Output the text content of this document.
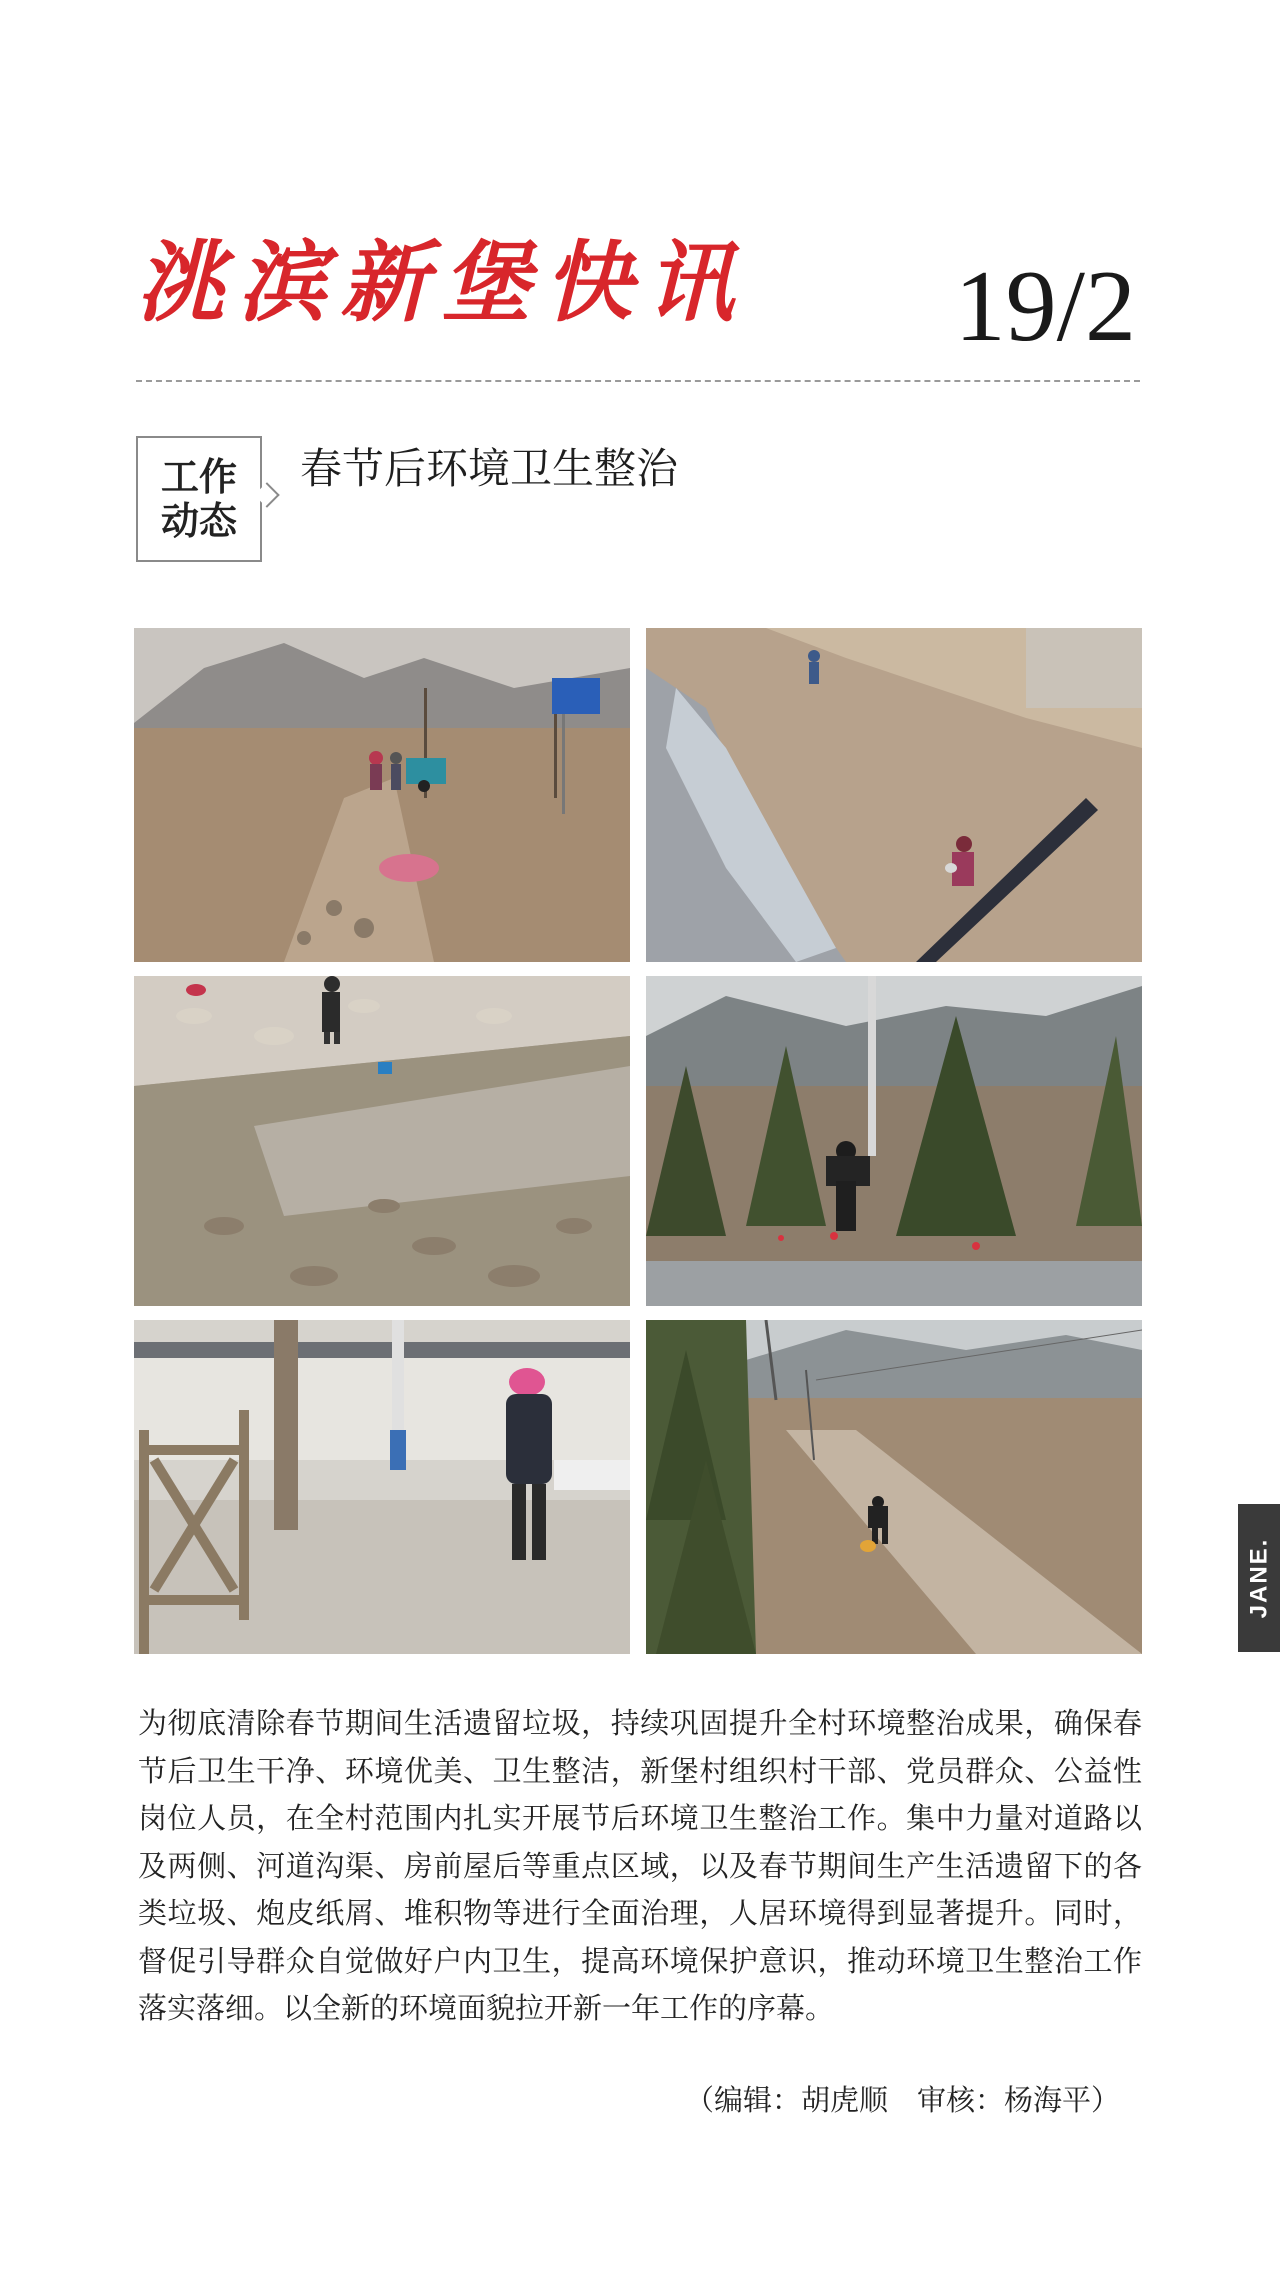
洮滨新堡快讯 19/2
工作
动态
春节后环境卫生整治
JANE.
为彻底清除春节期间生活遗留垃圾，持续巩固提升全村环境整治成果，确保春节后卫生干净、环境优美、卫生整洁，新堡村组织村干部、党员群众、公益性岗位人员，在全村范围内扎实开展节后环境卫生整治工作。集中力量对道路以及两侧、河道沟渠、房前屋后等重点区域，以及春节期间生产生活遗留下的各类垃圾、炮皮纸屑、堆积物等进行全面治理，人居环境得到显著提升。同时，督促引导群众自觉做好户内卫生，提高环境保护意识，推动环境卫生整治工作落实落细。以全新的环境面貌拉开新一年工作的序幕。
（编辑：胡虎顺　审核：杨海平）
